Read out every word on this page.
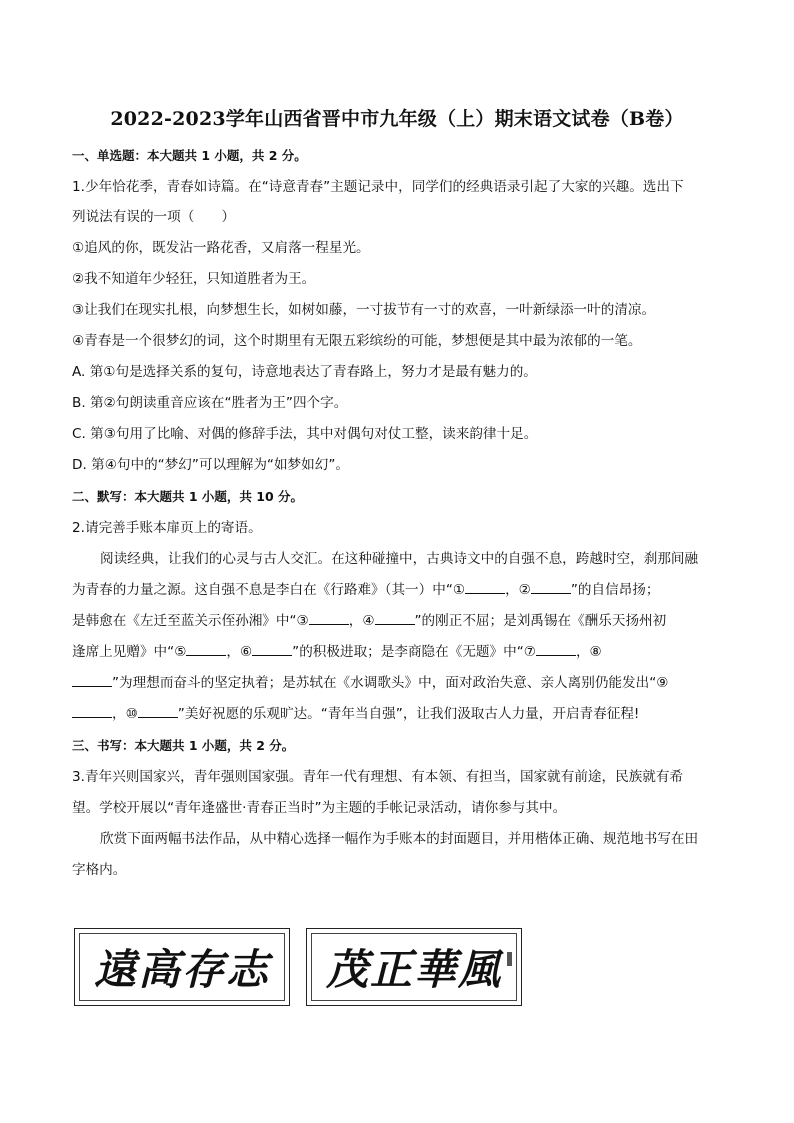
2022-2023学年山西省晋中市九年级（上）期末语文试卷（B卷）
一、单选题：本大题共 1 小题，共 2 分。
1.少年恰花季，青春如诗篇。在“诗意青春”主题记录中，同学们的经典语录引起了大家的兴趣。选出下
列说法有误的一项（　　）
①追风的你，既发沾一路花香，又肩落一程星光。
②我不知道年少轻狂，只知道胜者为王。
③让我们在现实扎根，向梦想生长，如树如藤，一寸拔节有一寸的欢喜，一叶新绿添一叶的清凉。
④青春是一个很梦幻的词，这个时期里有无限五彩缤纷的可能，梦想便是其中最为浓郁的一笔。
A. 第①句是选择关系的复句，诗意地表达了青春路上，努力才是最有魅力的。
B. 第②句朗读重音应该在“胜者为王”四个字。
C. 第③句用了比喻、对偶的修辞手法，其中对偶句对仗工整，读来韵律十足。
D. 第④句中的“梦幻”可以理解为“如梦如幻”。
二、默写：本大题共 1 小题，共 10 分。
2.请完善手账本扉页上的寄语。
阅读经典，让我们的心灵与古人交汇。在这种碰撞中，古典诗文中的自强不息，跨越时空，刹那间融
为青春的力量之源。这自强不息是李白在《行路难》（其一）中“①	，②	”的自信昂扬；
是韩愈在《左迁至蓝关示侄孙湘》中“③	，④	”的刚正不屈；是刘禹锡在《酬乐天扬州初
逢席上见赠》中“⑤	，⑥	”的积极进取；是李商隐在《无题》中“⑦	，⑧
”为理想而奋斗的坚定执着；是苏轼在《水调歌头》中，面对政治失意、亲人离别仍能发出“⑨
，⑩	”美好祝愿的乐观旷达。“青年当自强”，让我们汲取古人力量，开启青春征程!
三、书写：本大题共 1 小题，共 2 分。
3.青年兴则国家兴，青年强则国家强。青年一代有理想、有本领、有担当，国家就有前途，民族就有希
望。学校开展以“青年逢盛世·青春正当时”为主题的手帐记录活动，请你参与其中。
欣赏下面两幅书法作品，从中精心选择一幅作为手账本的封面题目，并用楷体正确、规范地书写在田
字格内。
遠高存志	茂正華風
